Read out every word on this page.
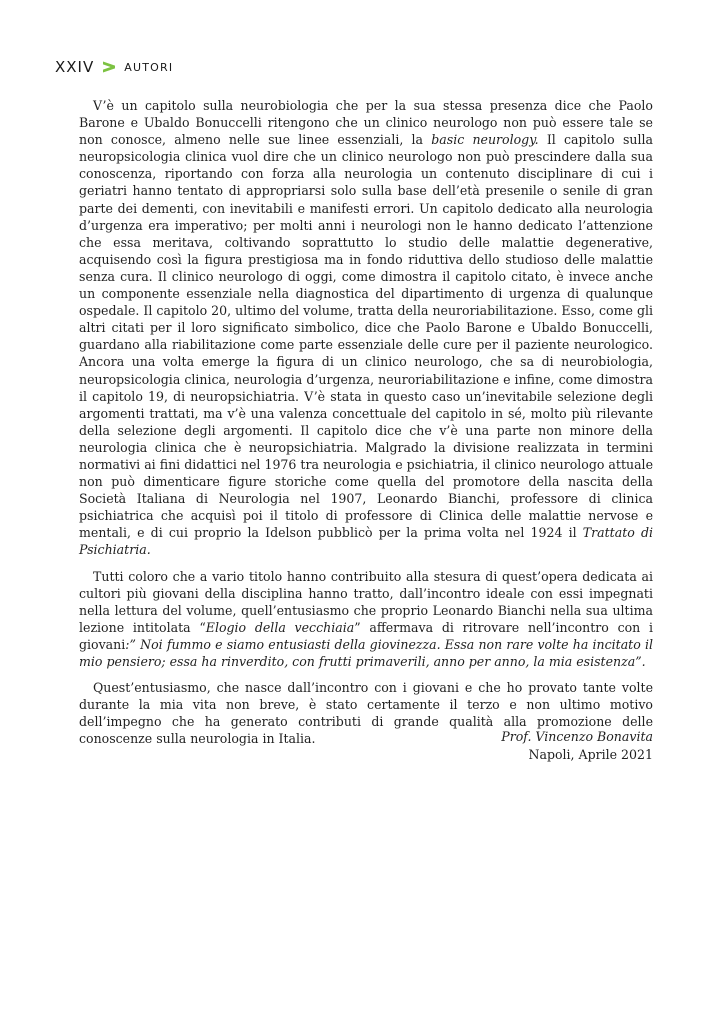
XXIV	AUTORI

V’è un capitolo sulla neurobiologia che per la sua stessa presenza dice che Paolo Barone e Ubaldo Bonuccelli ritengono che un clinico neurologo non può essere tale se non conosce, almeno nelle sue linee essenziali, la basic neurology. Il capitolo sulla neuropsicologia clinica vuol dire che un clinico neurologo non può prescindere dalla sua conoscenza, riportando con forza alla neurologia un contenuto disciplinare di cui i geriatri hanno tentato di appropriarsi solo sulla base dell’età presenile o senile di gran parte dei dementi, con inevitabili e manifesti errori. Un capitolo dedicato alla neurologia d’urgenza era imperativo; per molti anni i neurologi non le hanno dedicato l’attenzione che essa meritava, coltivando soprattutto lo studio delle malattie degenerative, acquisendo così la figura prestigiosa ma in fondo riduttiva dello studioso delle malattie senza cura. Il clinico neurologo di oggi, come dimostra il capitolo citato, è invece anche un componente essenziale nella diagnostica del dipartimento di urgenza di qualunque ospedale. Il capitolo 20, ultimo del volume, tratta della neuroriabilitazione. Esso, come gli altri citati per il loro significato simbolico, dice che Paolo Barone e Ubaldo Bonuccelli, guardano alla riabilitazione come parte essenziale delle cure per il paziente neurologico. Ancora una volta emerge la figura di un clinico neurologo, che sa di neurobiologia, neuropsicologia clinica, neurologia d’urgenza, neuroriabilitazione e infine, come dimostra il capitolo 19, di neuropsichiatria. V’è stata in questo caso un’inevitabile selezione degli argomenti trattati, ma v’è una valenza concettuale del capitolo in sé, molto più rilevante della selezione degli argomenti. Il capitolo dice che v’è una parte non minore della neurologia clinica che è neuropsichiatria. Malgrado la divisione realizzata in termini normativi ai fini didattici nel 1976 tra neurologia e psichiatria, il clinico neurologo attuale non può dimenticare figure storiche come quella del promotore della nascita della Società Italiana di Neurologia nel 1907, Leonardo Bianchi, professore di clinica psichiatrica che acquisì poi il titolo di professore di Clinica delle malattie nervose e mentali, e di cui proprio la Idelson pubblicò per la prima volta nel 1924 il Trattato di Psichiatria.

Tutti coloro che a vario titolo hanno contribuito alla stesura di quest’opera dedicata ai cultori più giovani della disciplina hanno tratto, dall’incontro ideale con essi impegnati nella lettura del volume, quell’entusiasmo che proprio Leonardo Bianchi nella sua ultima lezione intitolata “Elogio della vecchiaia” affermava di ritrovare nell’incontro con i giovani:” Noi fummo e siamo entusiasti della giovinezza. Essa non rare volte ha incitato il mio pensiero; essa ha rinverdito, con frutti primaverili, anno per anno, la mia esistenza”.

Quest’entusiasmo, che nasce dall’incontro con i giovani e che ho provato tante volte durante la mia vita non breve, è stato certamente il terzo e non ultimo motivo dell’impegno che ha generato contributi di grande qualità alla promozione delle conoscenze sulla neurologia in Italia.	Prof. Vincenzo Bonavita
Napoli, Aprile 2021
